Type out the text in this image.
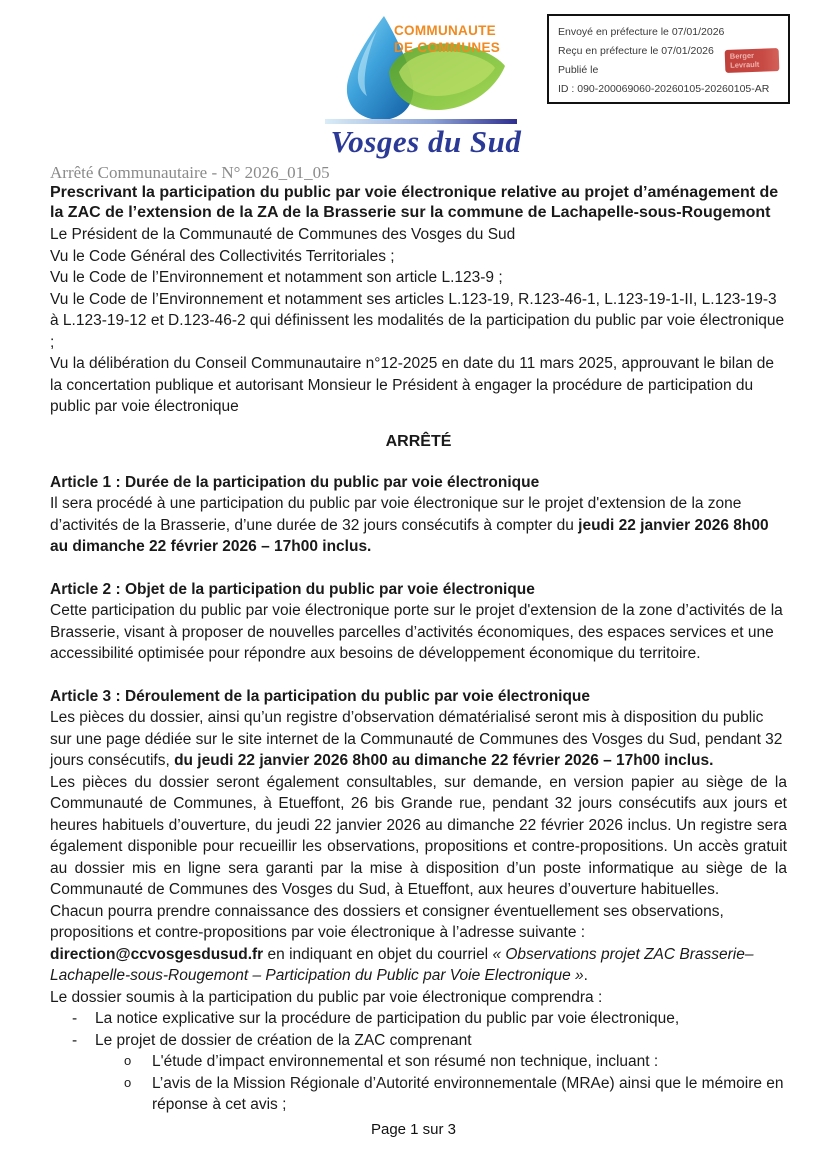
COMMUNAUTE
DE COMMUNES
Vosges du Sud
Envoyé en préfecture le 07/01/2026
Reçu en préfecture le 07/01/2026
Publié le
ID : 090-200069060-20260105-20260105-AR
Berger
Levrault
Arrêté Communautaire - N° 2026_01_05
Prescrivant la participation du public par voie électronique relative au projet d’aménagement de la ZAC de l’extension de la ZA de la Brasserie sur la commune de Lachapelle-sous-Rougemont
Le Président de la Communauté de Communes des Vosges du Sud
Vu le Code Général des Collectivités Territoriales ;
Vu le Code de l’Environnement et notamment son article L.123-9 ;
Vu le Code de l’Environnement et notamment ses articles L.123-19, R.123-46-1, L.123-19-1-II, L.123-19-3 à L.123-19-12 et D.123-46-2 qui définissent les modalités de la participation du public par voie électronique ;
Vu la délibération du Conseil Communautaire n°12-2025 en date du 11 mars 2025, approuvant le bilan de la concertation publique et autorisant Monsieur le Président à engager la procédure de participation du public par voie électronique
ARRÊTÉ
Article 1 : Durée de la participation du public par voie électronique
Il sera procédé à une participation du public par voie électronique sur le projet d'extension de la zone d’activités de la Brasserie, d’une durée de 32 jours consécutifs à compter du jeudi 22 janvier 2026 8h00 au dimanche 22 février 2026 – 17h00 inclus.
Article 2 : Objet de la participation du public par voie électronique
Cette participation du public par voie électronique porte sur le projet d'extension de la zone d’activités de la Brasserie, visant à proposer de nouvelles parcelles d’activités économiques, des espaces services et une accessibilité optimisée pour répondre aux besoins de développement économique du territoire.
Article 3 : Déroulement de la participation du public par voie électronique
Les pièces du dossier, ainsi qu’un registre d’observation dématérialisé seront mis à disposition du public sur une page dédiée sur le site internet de la Communauté de Communes des Vosges du Sud, pendant 32 jours consécutifs, du jeudi 22 janvier 2026 8h00 au dimanche 22 février 2026 – 17h00 inclus.
Les pièces du dossier seront également consultables, sur demande, en version papier au siège de la Communauté de Communes, à Etueffont, 26 bis Grande rue, pendant 32 jours consécutifs aux jours et heures habituels d’ouverture, du jeudi 22 janvier 2026 au dimanche 22 février 2026 inclus. Un registre sera également disponible pour recueillir les observations, propositions et contre-propositions. Un accès gratuit au dossier mis en ligne sera garanti par la mise à disposition d’un poste informatique au siège de la Communauté de Communes des Vosges du Sud, à Etueffont, aux heures d’ouverture habituelles.
Chacun pourra prendre connaissance des dossiers et consigner éventuellement ses observations, propositions et contre-propositions par voie électronique à l’adresse suivante :
direction@ccvosgesdusud.fr en indiquant en objet du courriel « Observations projet ZAC Brasserie– Lachapelle-sous-Rougemont – Participation du Public par Voie Electronique ».
Le dossier soumis à la participation du public par voie électronique comprendra :
- La notice explicative sur la procédure de participation du public par voie électronique,
- Le projet de dossier de création de la ZAC comprenant
o L'étude d’impact environnemental et son résumé non technique, incluant :
o L’avis de la Mission Régionale d’Autorité environnementale (MRAe) ainsi que le mémoire en réponse à cet avis ;
Page 1 sur 3
